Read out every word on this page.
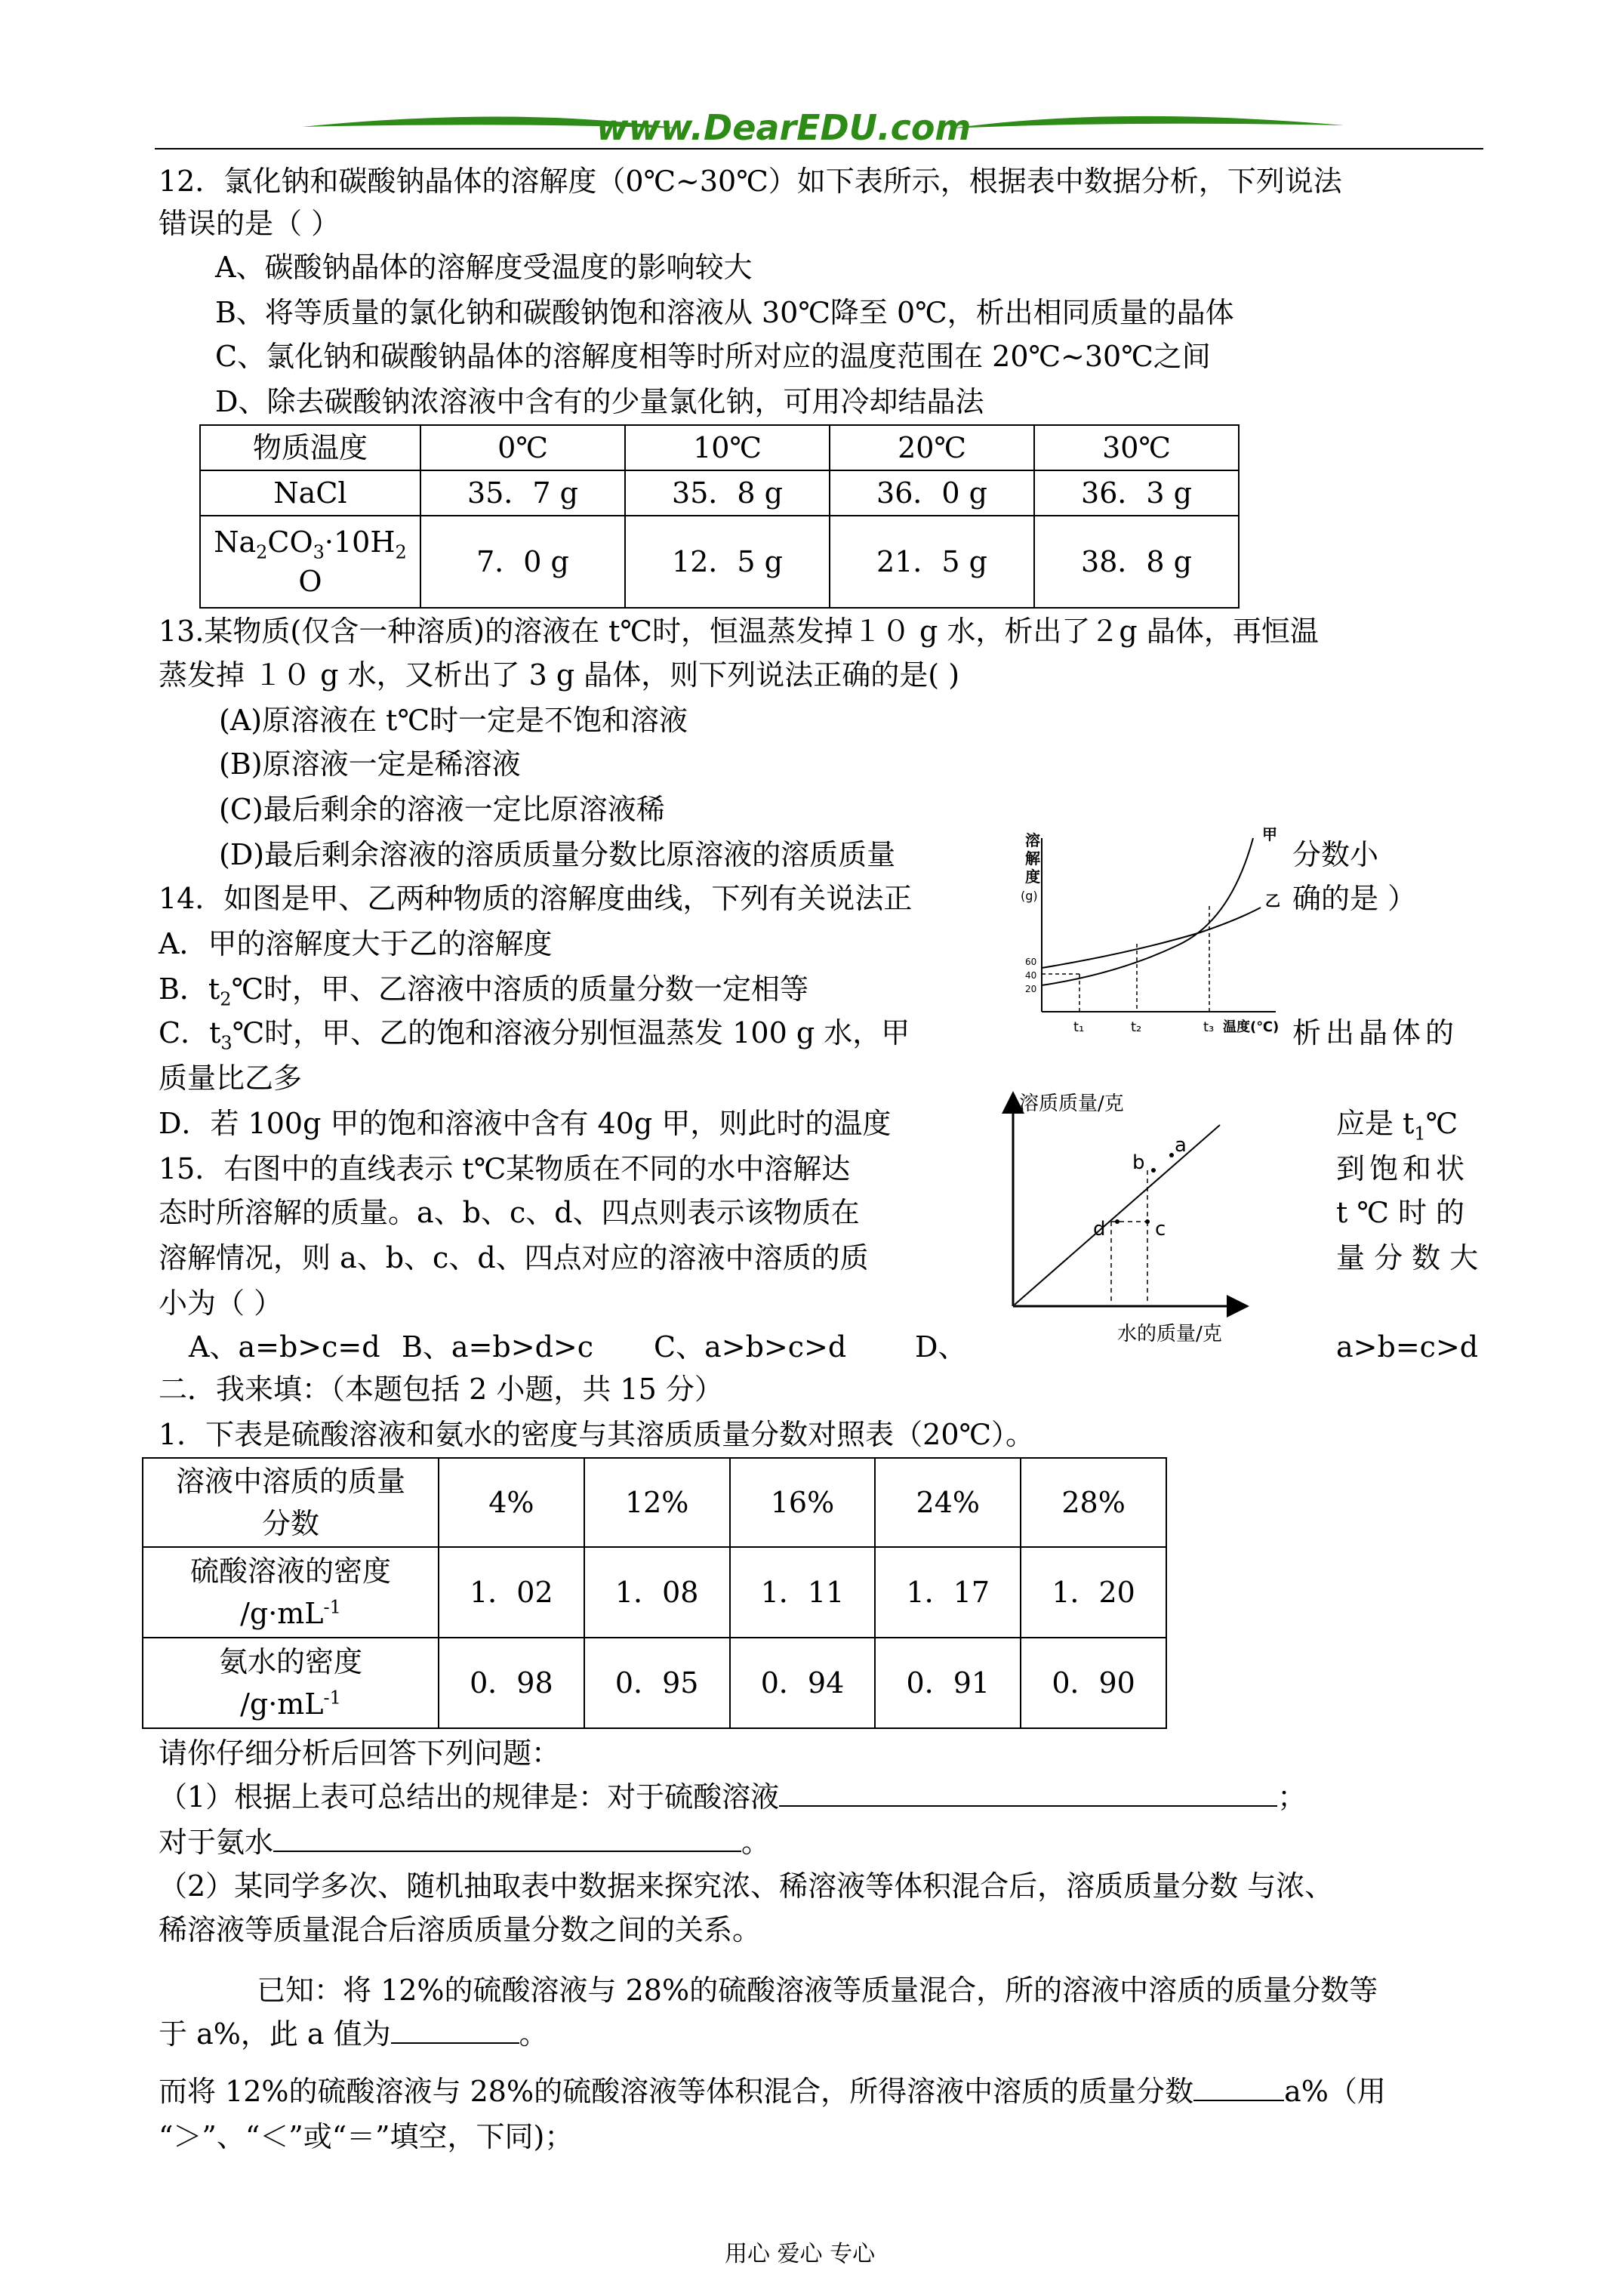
www.DearEDU.com
12．氯化钠和碳酸钠晶体的溶解度（0℃~30℃）如下表所示，根据表中数据分析，下列说法
错误的是（ ）
A、碳酸钠晶体的溶解度受温度的影响较大
B、将等质量的氯化钠和碳酸钠饱和溶液从 30℃降至 0℃，析出相同质量的晶体
C、氯化钠和碳酸钠晶体的溶解度相等时所对应的温度范围在 20℃~30℃之间
D、除去碳酸钠浓溶液中含有的少量氯化钠，可用冷却结晶法
物质温度	0℃	10℃	20℃	30℃
NaCl	35．7 g	35．8 g	36．0 g	36．3 g
$Na_2CO_3\cdot 10H_2$
O	7．0 g	12．5 g	21．5 g	38．8 g
13.某物质(仅含一种溶质)的溶液在 t℃时，恒温蒸发掉１０ g 水，析出了２g 晶体，再恒温
蒸发掉 １０ g 水，又析出了 3 g 晶体，则下列说法正确的是( )
(A)原溶液在 t℃时一定是不饱和溶液
(B)原溶液一定是稀溶液
(C)最后剩余的溶液一定比原溶液稀
(D)最后剩余溶液的溶质质量分数比原溶液的溶质质量	分数小
14．如图是甲、乙两种物质的溶解度曲线，下列有关说法正	确的是 ）
A．甲的溶解度大于乙的溶解度
B．$t_2℃$时，甲、乙溶液中溶质的质量分数一定相等
C．$t_3℃$时，甲、乙的饱和溶液分别恒温蒸发 100 g 水，甲	析出晶体的
质量比乙多
D．若 100g 甲的饱和溶液中含有 40g 甲，则此时的温度	应是 $t_1℃$
溶
解
度
(g)
60
40
20
t₁	t₂	t₃ 温度(℃)
甲
乙
15．右图中的直线表示 t℃某物质在不同的水中溶解达	到饱和状
态时所溶解的质量。a、b、c、d、四点则表示该物质在	t ℃ 时 的
溶解情况，则 a、b、c、d、四点对应的溶液中溶质的质	量 分 数 大
小为（ ）
A、a=b>c=d B、a=b>d>c C、a>b>c>d D、	a>b=c>d
溶质质量/克
水的质量/克
a
b
c
d
二．我来填：（本题包括 2 小题，共 15 分）
1．下表是硫酸溶液和氨水的密度与其溶质质量分数对照表（20℃）。
溶液中溶质的质量
分数	4%	12%	16%	24%	28%
硫酸溶液的密度
$/g\cdot mL^{-1}$	1．02	1．08	1．11	1．17	1．20
氨水的密度
$/g\cdot mL^{-1}$	0．98	0．95	0．94	0．91	0．90
请你仔细分析后回答下列问题：
（1）根据上表可总结出的规律是：对于硫酸溶液	；
对于氨水	。
（2）某同学多次、随机抽取表中数据来探究浓、稀溶液等体积混合后，溶质质量分数 与浓、
稀溶液等质量混合后溶质质量分数之间的关系。
已知：将 12%的硫酸溶液与 28%的硫酸溶液等质量混合，所的溶液中溶质的质量分数等
于 a%，此 a 值为	。
而将 12%的硫酸溶液与 28%的硫酸溶液等体积混合，所得溶液中溶质的质量分数	a%（用
“＞”、“＜”或“＝”填空，下同)；
用心 爱心 专心
